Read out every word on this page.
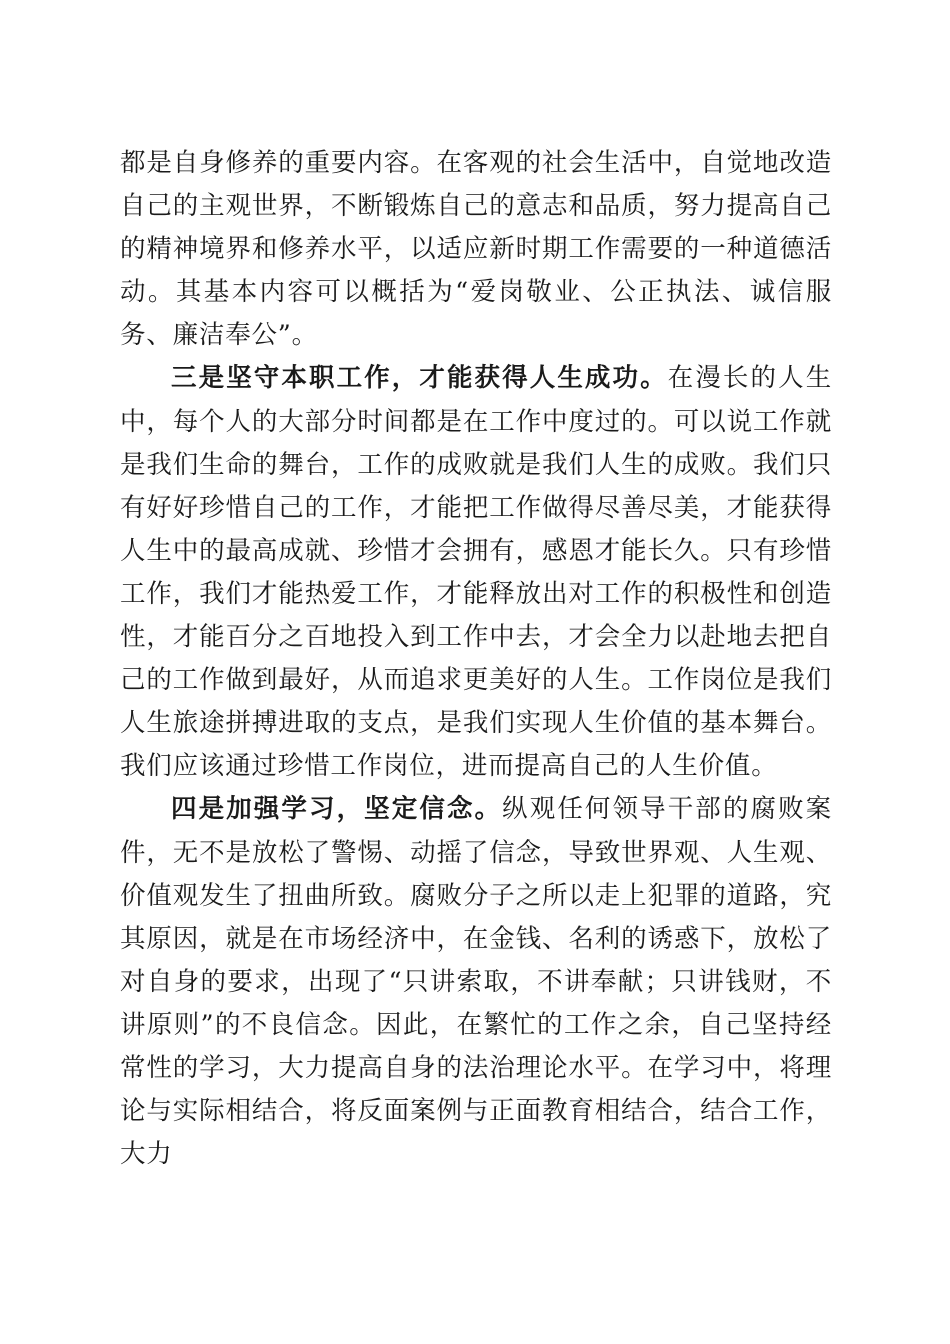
都是自身修养的重要内容。在客观的社会生活中，自觉地改造自己的主观世界，不断锻炼自己的意志和品质，努力提高自己的精神境界和修养水平，以适应新时期工作需要的一种道德活动。其基本内容可以概括为“爱岗敬业、公正执法、诚信服务、廉洁奉公”。

三是坚守本职工作，才能获得人生成功。在漫长的人生中，每个人的大部分时间都是在工作中度过的。可以说工作就是我们生命的舞台，工作的成败就是我们人生的成败。我们只有好好珍惜自己的工作，才能把工作做得尽善尽美，才能获得人生中的最高成就、珍惜才会拥有，感恩才能长久。只有珍惜工作，我们才能热爱工作，才能释放出对工作的积极性和创造性，才能百分之百地投入到工作中去，才会全力以赴地去把自己的工作做到最好，从而追求更美好的人生。工作岗位是我们人生旅途拼搏进取的支点，是我们实现人生价值的基本舞台。我们应该通过珍惜工作岗位，进而提高自己的人生价值。

四是加强学习，坚定信念。纵观任何领导干部的腐败案件，无不是放松了警惕、动摇了信念，导致世界观、人生观、价值观发生了扭曲所致。腐败分子之所以走上犯罪的道路，究其原因，就是在市场经济中，在金钱、名利的诱惑下，放松了对自身的要求，出现了“只讲索取，不讲奉献；只讲钱财，不讲原则”的不良信念。因此，在繁忙的工作之余，自己坚持经常性的学习，大力提高自身的法治理论水平。在学习中，将理论与实际相结合，将反面案例与正面教育相结合，结合工作，大力
